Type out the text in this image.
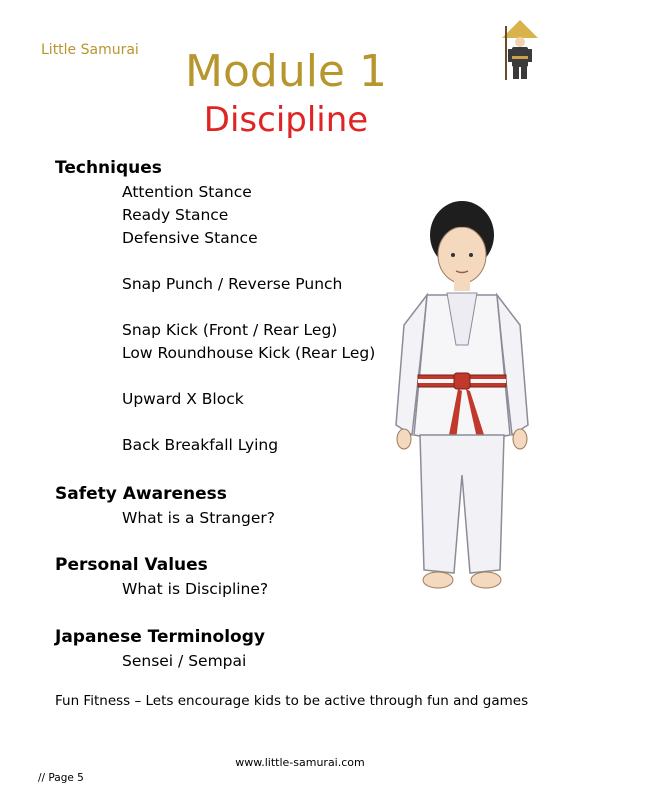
Little Samurai	Module 1
Discipline
Techniques
Attention Stance
Ready Stance
Defensive Stance
Snap Punch / Reverse Punch
Snap Kick (Front / Rear Leg)
Low Roundhouse Kick (Rear Leg)
Upward X Block
Back Breakfall Lying
Safety Awareness
What is a Stranger?
Personal Values
What is Discipline?
Japanese Terminology
Sensei / Sempai
Fun Fitness – Lets encourage kids to be active through fun and games
www.little-samurai.com
// Page 5
